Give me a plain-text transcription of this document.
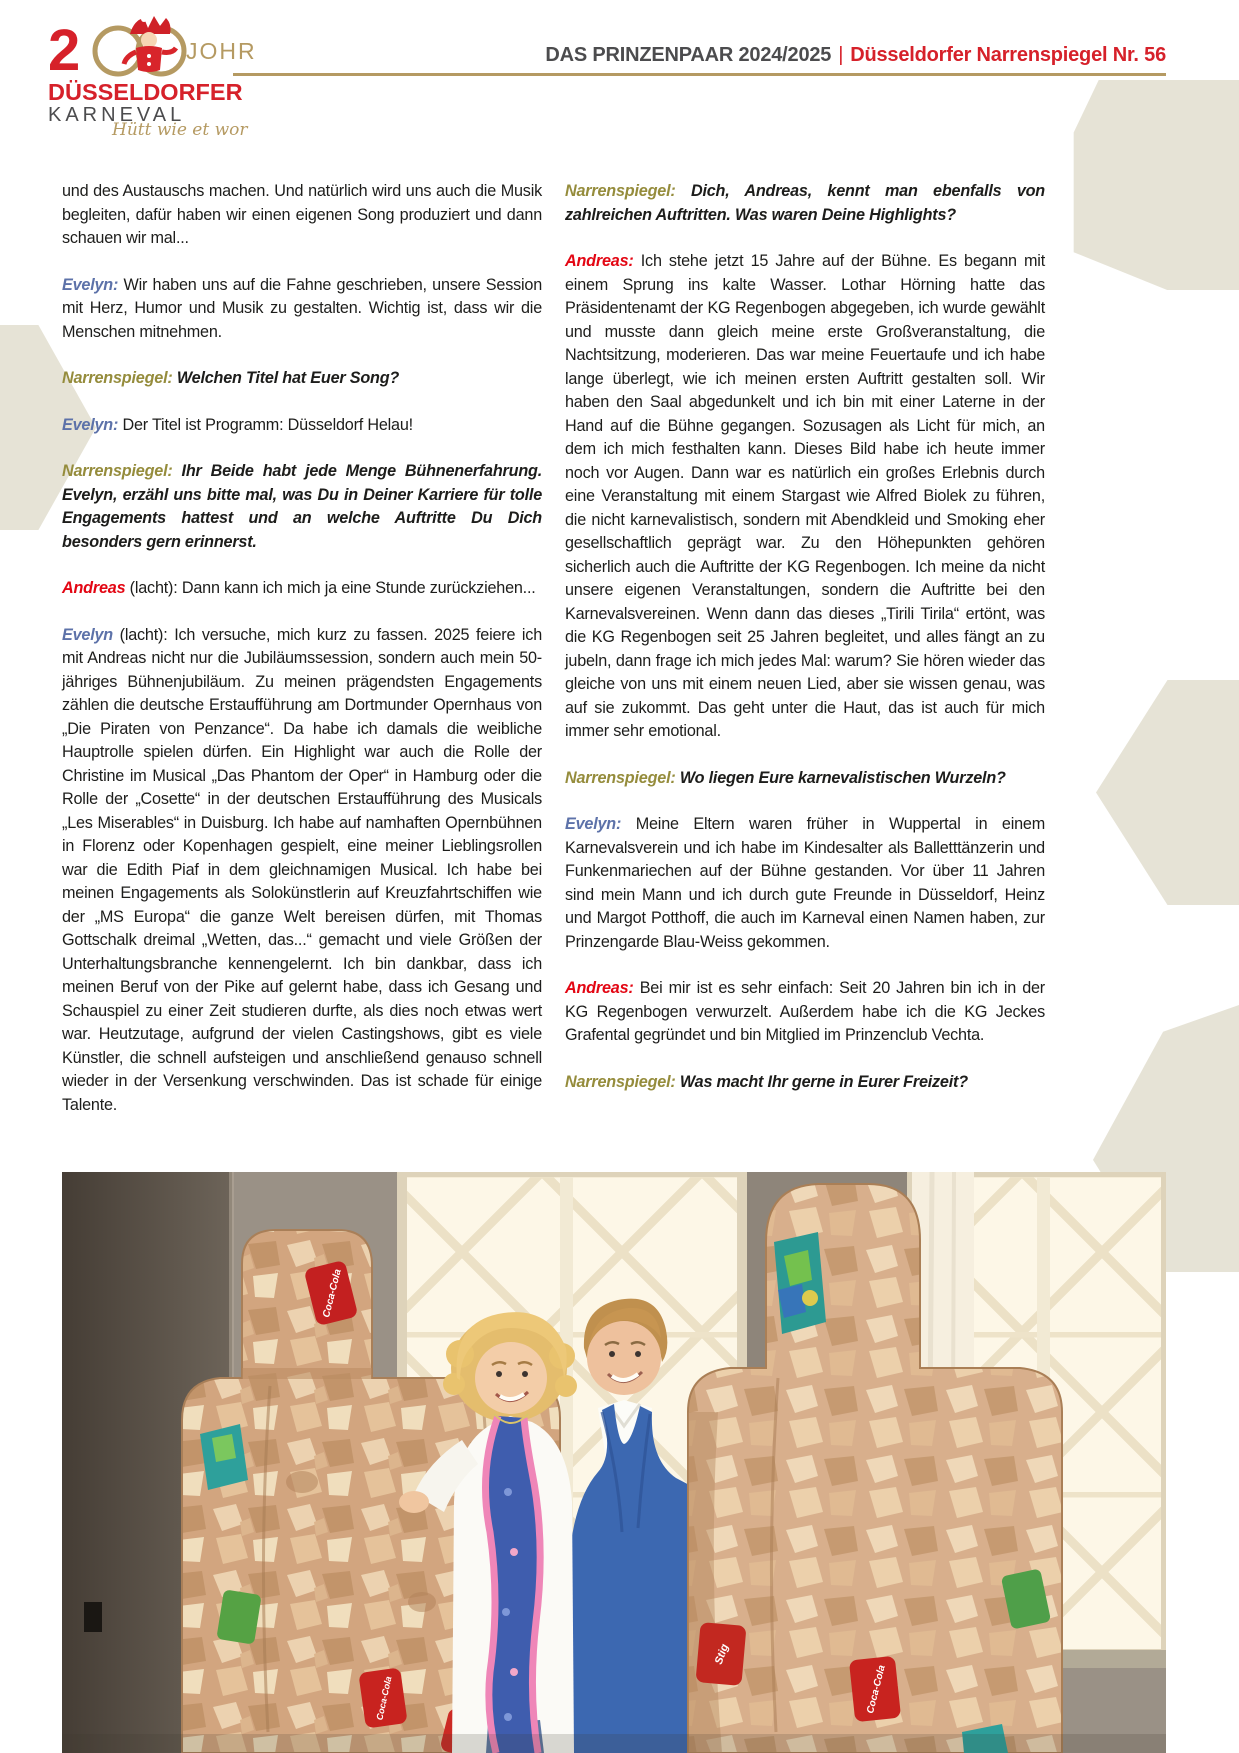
2	JOHR
DÜSSELDORFER
KARNEVAL
Hütt wie et wor
DAS PRINZENPAAR 2024/2025 | Düsseldorfer Narrenspiegel Nr. 56

und des Austauschs machen. Und natürlich wird uns auch die Musik begleiten, dafür haben wir einen eigenen Song produziert und dann schauen wir mal...

Evelyn: Wir haben uns auf die Fahne geschrieben, unsere Session mit Herz, Humor und Musik zu gestalten. Wichtig ist, dass wir die Menschen mitnehmen.

Narrenspiegel: Welchen Titel hat Euer Song?

Evelyn: Der Titel ist Programm: Düsseldorf Helau!

Narrenspiegel: Ihr Beide habt jede Menge Bühnenerfahrung. Evelyn, erzähl uns bitte mal, was Du in Deiner Karriere für tolle Engagements hattest und an welche Auftritte Du Dich besonders gern erinnerst.

Andreas (lacht): Dann kann ich mich ja eine Stunde zurückziehen...

Evelyn (lacht): Ich versuche, mich kurz zu fassen. 2025 feiere ich mit Andreas nicht nur die Jubiläumssession, sondern auch mein 50-jähriges Bühnenjubiläum. Zu meinen prägendsten Engagements zählen die deutsche Erstaufführung am Dortmunder Opernhaus von „Die Piraten von Penzance“. Da habe ich damals die weibliche Hauptrolle spielen dürfen. Ein Highlight war auch die Rolle der Christine im Musical „Das Phantom der Oper“ in Hamburg oder die Rolle der „Cosette“ in der deutschen Erstaufführung des Musicals „Les Miserables“ in Duisburg. Ich habe auf namhaften Opernbühnen in Florenz oder Kopenhagen gespielt, eine meiner Lieblingsrollen war die Edith Piaf in dem gleichnamigen Musical. Ich habe bei meinen Engagements als Solokünstlerin auf Kreuzfahrtschiffen wie der „MS Europa“ die ganze Welt bereisen dürfen, mit Thomas Gottschalk dreimal „Wetten, das...“ gemacht und viele Größen der Unterhaltungsbranche kennengelernt. Ich bin dankbar, dass ich meinen Beruf von der Pike auf gelernt habe, dass ich Gesang und Schauspiel zu einer Zeit studieren durfte, als dies noch etwas wert war. Heutzutage, aufgrund der vielen Castingshows, gibt es viele Künstler, die schnell aufsteigen und anschließend genauso schnell wieder in der Versenkung verschwinden. Das ist schade für einige Talente.

Narrenspiegel: Dich, Andreas, kennt man ebenfalls von zahlreichen Auftritten. Was waren Deine Highlights?

Andreas: Ich stehe jetzt 15 Jahre auf der Bühne. Es begann mit einem Sprung ins kalte Wasser. Lothar Hörning hatte das Präsidentenamt der KG Regenbogen abgegeben, ich wurde gewählt und musste dann gleich meine erste Großveranstaltung, die Nachtsitzung, moderieren. Das war meine Feuertaufe und ich habe lange überlegt, wie ich meinen ersten Auftritt gestalten soll. Wir haben den Saal abgedunkelt und ich bin mit einer Laterne in der Hand auf die Bühne gegangen. Sozusagen als Licht für mich, an dem ich mich festhalten kann. Dieses Bild habe ich heute immer noch vor Augen. Dann war es natürlich ein großes Erlebnis durch eine Veranstaltung mit einem Stargast wie Alfred Biolek zu führen, die nicht karnevalistisch, sondern mit Abendkleid und Smoking eher gesellschaftlich geprägt war. Zu den Höhepunkten gehören sicherlich auch die Auftritte der KG Regenbogen. Ich meine da nicht unsere eigenen Veranstaltungen, sondern die Auftritte bei den Karnevalsvereinen. Wenn dann das dieses „Tirili Tirila“ ertönt, was die KG Regenbogen seit 25 Jahren begleitet, und alles fängt an zu jubeln, dann frage ich mich jedes Mal: warum? Sie hören wieder das gleiche von uns mit einem neuen Lied, aber sie wissen genau, was auf sie zukommt. Das geht unter die Haut, das ist auch für mich immer sehr emotional.

Narrenspiegel: Wo liegen Eure karnevalistischen Wurzeln?

Evelyn: Meine Eltern waren früher in Wuppertal in einem Karnevalsverein und ich habe im Kindesalter als Balletttänzerin und Funkenmariechen auf der Bühne gestanden. Vor über 11 Jahren sind mein Mann und ich durch gute Freunde in Düsseldorf, Heinz und Margot Potthoff, die auch im Karneval einen Namen haben, zur Prinzengarde Blau-Weiss gekommen.

Andreas: Bei mir ist es sehr einfach: Seit 20 Jahren bin ich in der KG Regenbogen verwurzelt. Außerdem habe ich die KG Jeckes Grafental gegründet und bin Mitglied im Prinzenclub Vechta.

Narrenspiegel: Was macht Ihr gerne in Eurer Freizeit?

Coca-Cola
Coca-Cola
Stig
Coca-Cola
